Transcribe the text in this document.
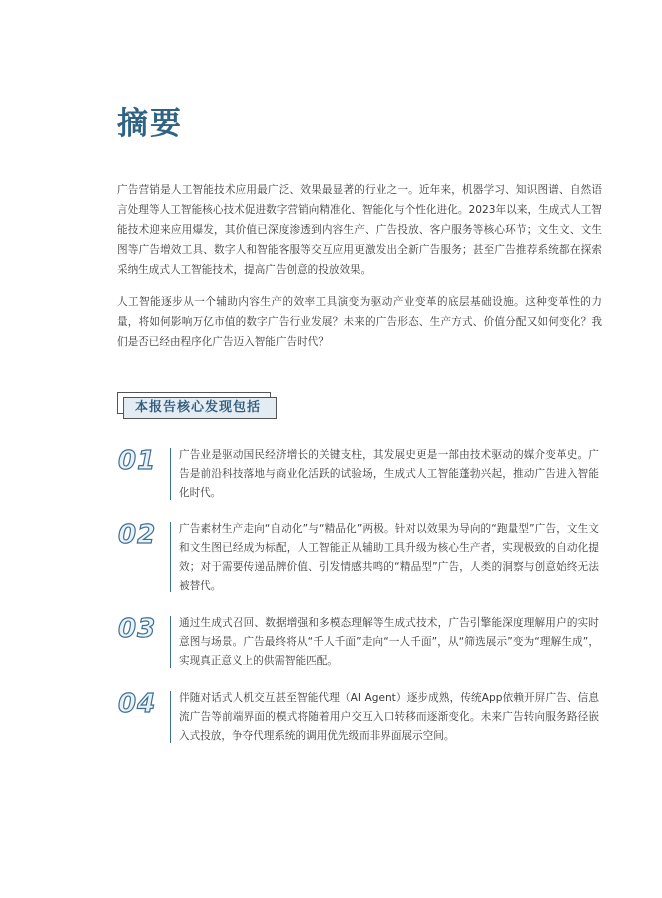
摘要

广告营销是人工智能技术应用最广泛、效果最显著的行业之一。近年来，机器学习、知识图谱、自然语言处理等人工智能核心技术促进数字营销向精准化、智能化与个性化进化。2023年以来，生成式人工智能技术迎来应用爆发，其价值已深度渗透到内容生产、广告投放、客户服务等核心环节；文生文、文生图等广告增效工具、数字人和智能客服等交互应用更激发出全新广告服务；甚至广告推荐系统都在探索采纳生成式人工智能技术，提高广告创意的投放效果。

人工智能逐步从一个辅助内容生产的效率工具演变为驱动产业变革的底层基础设施。这种变革性的力量，将如何影响万亿市值的数字广告行业发展？未来的广告形态、生产方式、价值分配又如何变化？我们是否已经由程序化广告迈入智能广告时代？

本报告核心发现包括
01 广告业是驱动国民经济增长的关键支柱，其发展史更是一部由技术驱动的媒介变革史。广告是前沿科技落地与商业化活跃的试验场，生成式人工智能蓬勃兴起，推动广告进入智能化时代。

02 广告素材生产走向“自动化”与“精品化”两极。针对以效果为导向的“跑量型”广告，文生文和文生图已经成为标配，人工智能正从辅助工具升级为核心生产者，实现极致的自动化提效；对于需要传递品牌价值、引发情感共鸣的“精品型”广告，人类的洞察与创意始终无法被替代。

03 通过生成式召回、数据增强和多模态理解等生成式技术，广告引擎能深度理解用户的实时意图与场景。广告最终将从“千人千面”走向“一人千面”，从“筛选展示”变为“理解生成”，实现真正意义上的供需智能匹配。

04 伴随对话式人机交互甚至智能代理（AI Agent）逐步成熟，传统App依赖开屏广告、信息流广告等前端界面的模式将随着用户交互入口转移而逐渐变化。未来广告转向服务路径嵌入式投放，争夺代理系统的调用优先级而非界面展示空间。
